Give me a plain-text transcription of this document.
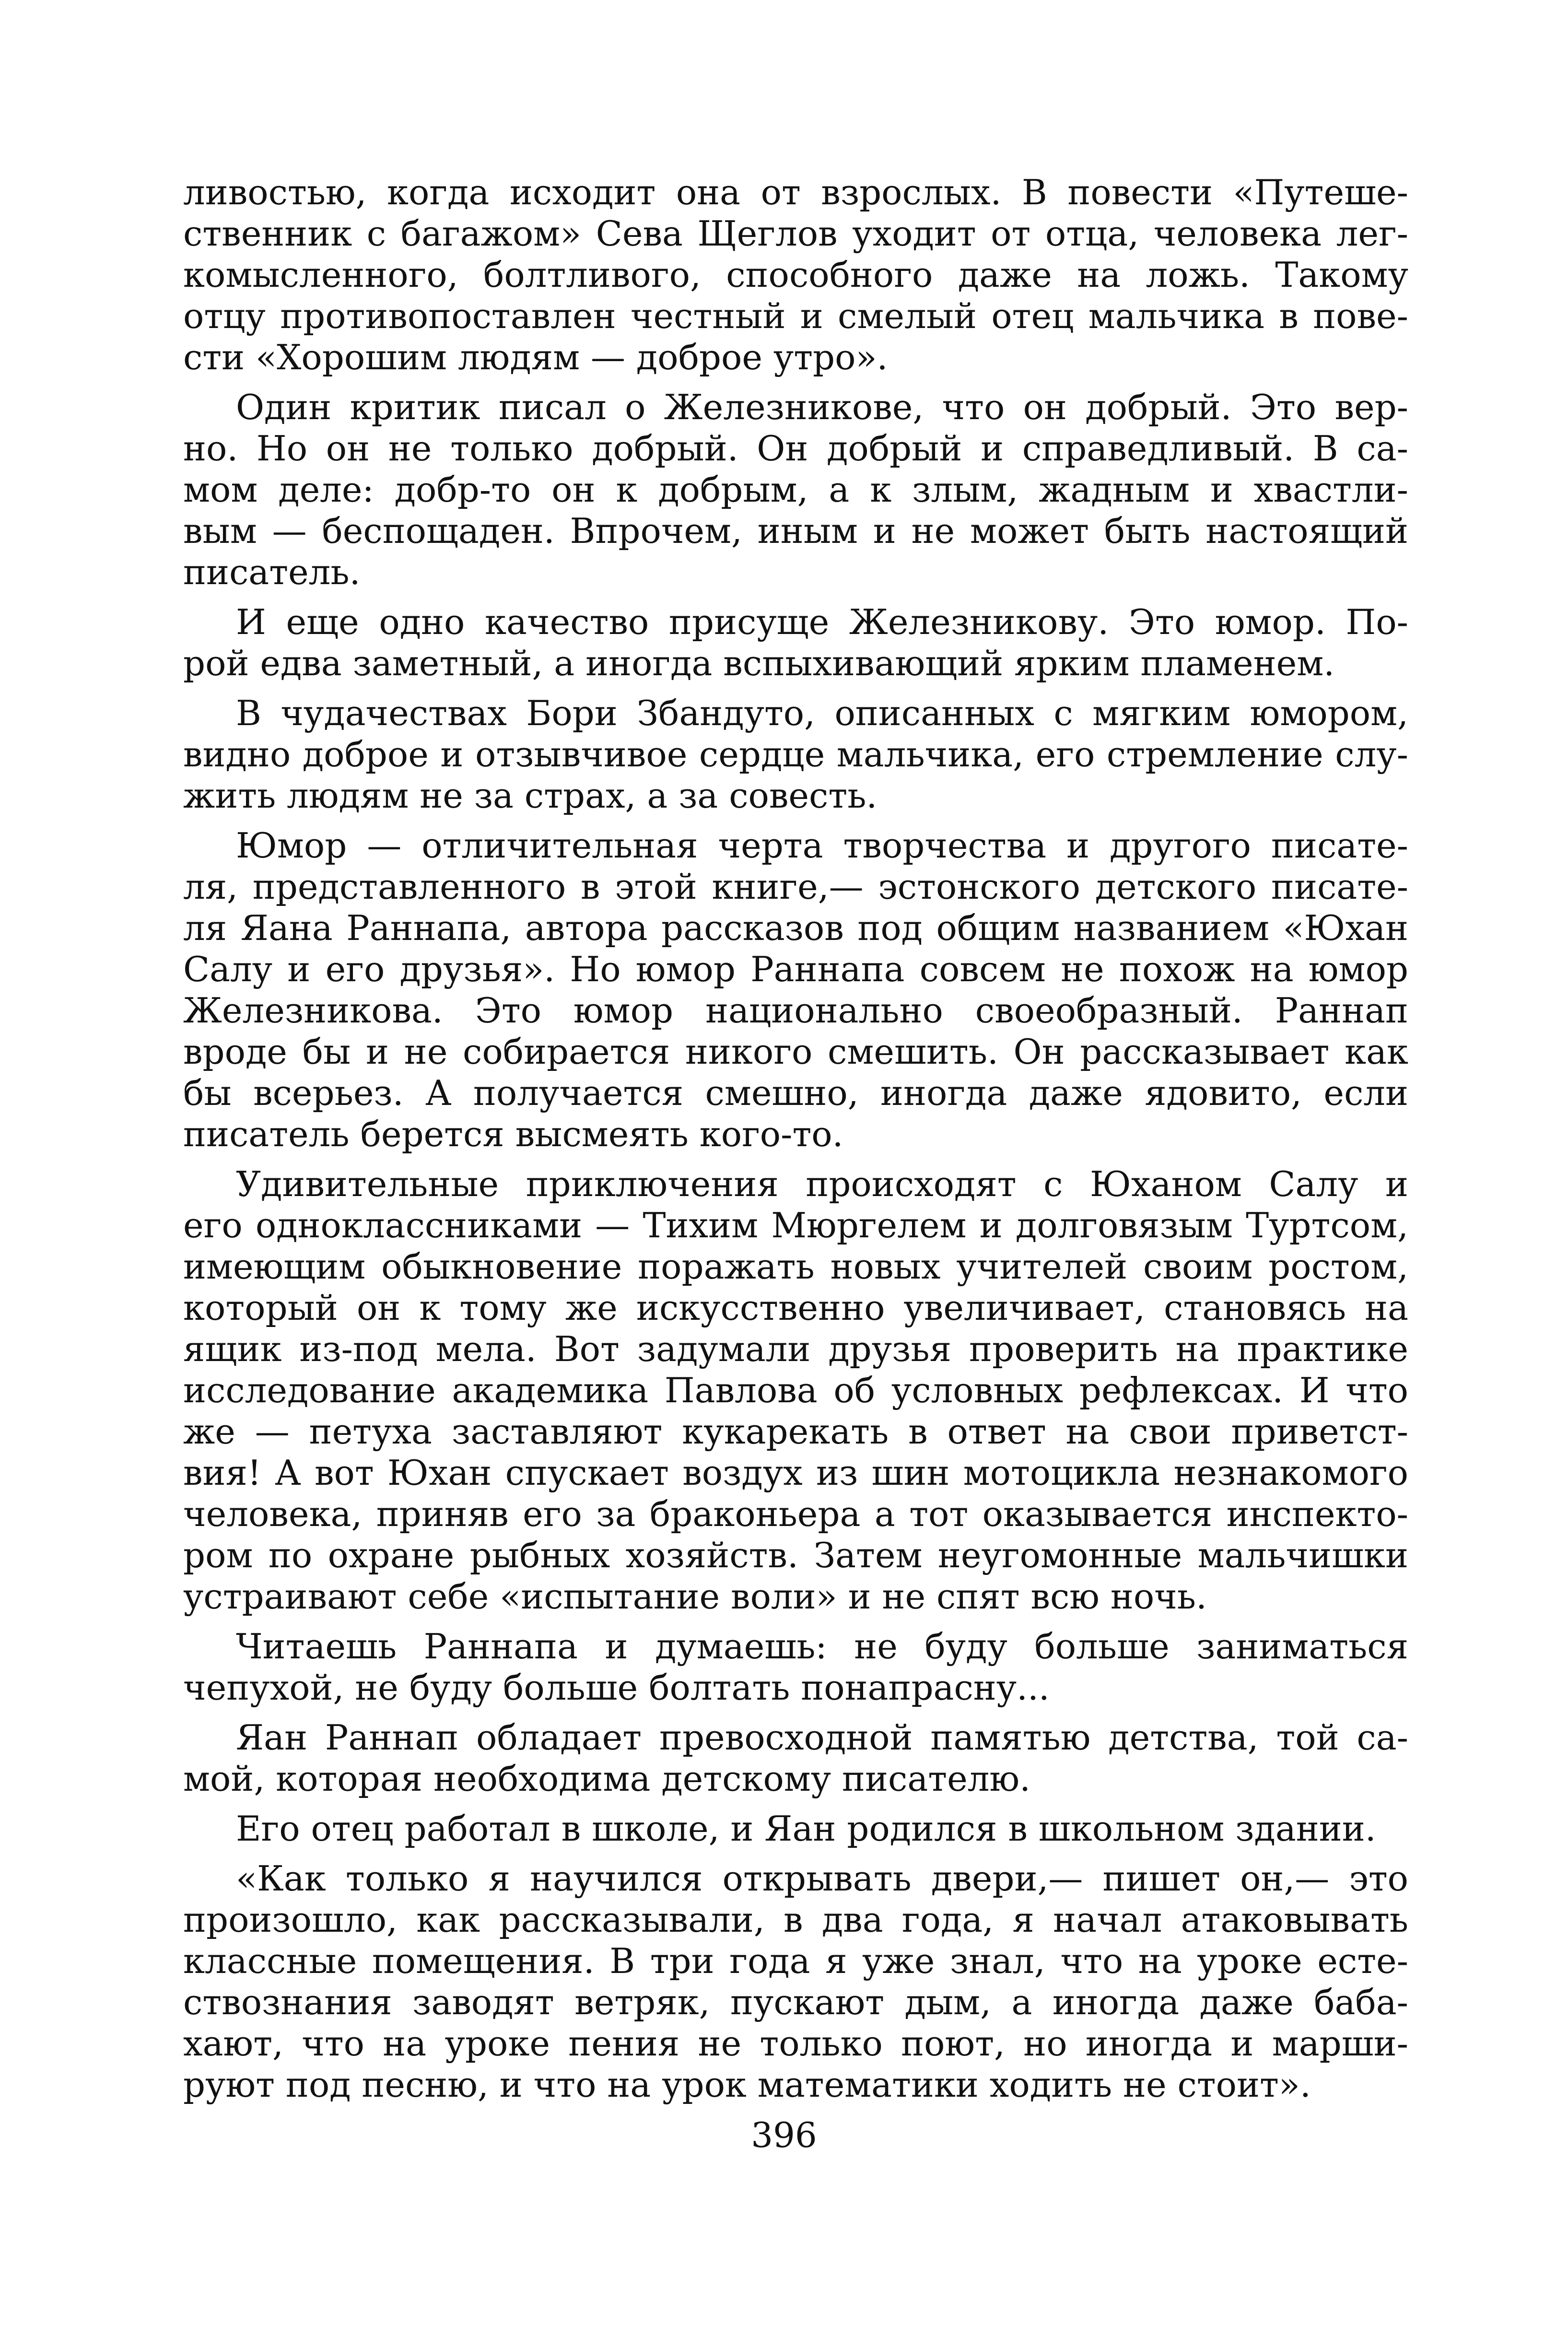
ливостью, когда исходит она от взрослых. В повести «Путеше-
ственник с багажом» Сева Щеглов уходит от отца, человека лег-
комысленного, болтливого, способного даже на ложь. Такому
отцу противопоставлен честный и смелый отец мальчика в пове-
сти «Хорошим людям — доброе утро».
Один критик писал о Железникове, что он добрый. Это вер-
но. Но он не только добрый. Он добрый и справедливый. В са-
мом деле: добр-то он к добрым, а к злым, жадным и хвастли-
вым — беспощаден. Впрочем, иным и не может быть настоящий
писатель.
И еще одно качество присуще Железникову. Это юмор. По-
рой едва заметный, а иногда вспыхивающий ярким пламенем.
В чудачествах Бори Збандуто, описанных с мягким юмором,
видно доброе и отзывчивое сердце мальчика, его стремление слу-
жить людям не за страх, а за совесть.
Юмор — отличительная черта творчества и другого писате-
ля, представленного в этой книге,— эстонского детского писате-
ля Яана Раннапа, автора рассказов под общим названием «Юхан
Салу и его друзья». Но юмор Раннапа совсем не похож на юмор
Железникова. Это юмор национально своеобразный. Раннап
вроде бы и не собирается никого смешить. Он рассказывает как
бы всерьез. А получается смешно, иногда даже ядовито, если
писатель берется высмеять кого-то.
Удивительные приключения происходят с Юханом Салу и
его одноклассниками — Тихим Мюргелем и долговязым Туртсом,
имеющим обыкновение поражать новых учителей своим ростом,
который он к тому же искусственно увеличивает, становясь на
ящик из-под мела. Вот задумали друзья проверить на практике
исследование академика Павлова об условных рефлексах. И что
же — петуха заставляют кукарекать в ответ на свои приветст-
вия! А вот Юхан спускает воздух из шин мотоцикла незнакомого
человека, приняв его за браконьера а тот оказывается инспекто-
ром по охране рыбных хозяйств. Затем неугомонные мальчишки
устраивают себе «испытание воли» и не спят всю ночь.
Читаешь Раннапа и думаешь: не буду больше заниматься
чепухой, не буду больше болтать понапрасну...
Яан Раннап обладает превосходной памятью детства, той са-
мой, которая необходима детскому писателю.
Его отец работал в школе, и Яан родился в школьном здании.
«Как только я научился открывать двери,— пишет он,— это
произошло, как рассказывали, в два года, я начал атаковывать
классные помещения. В три года я уже знал, что на уроке есте-
ствознания заводят ветряк, пускают дым, а иногда даже баба-
хают, что на уроке пения не только поют, но иногда и марши-
руют под песню, и что на урок математики ходить не стоит».
396
